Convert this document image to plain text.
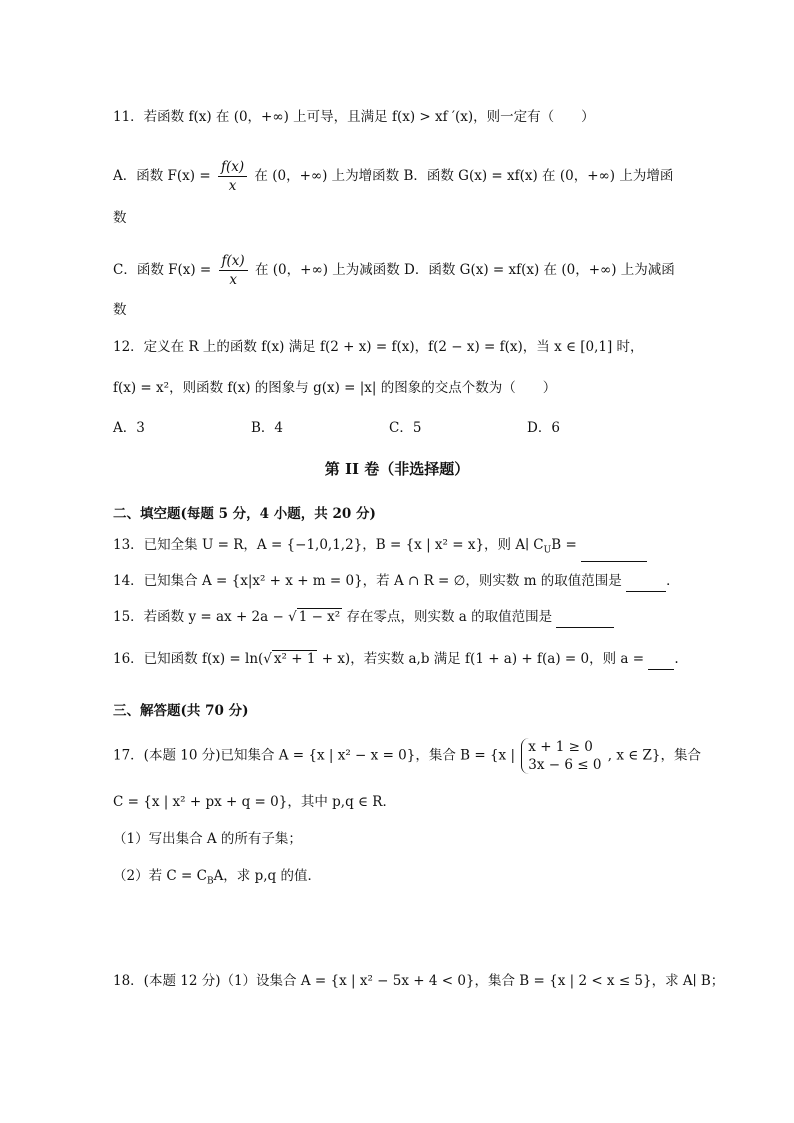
11．若函数 f(x) 在 (0，+∞) 上可导，且满足 f(x) > xf ′(x)，则一定有（　　）
A．函数 $F(x) = \frac{f(x)}{x}$ 在 (0，+∞) 上为增函数 B．函数 G(x) = xf(x) 在 (0，+∞) 上为增函
数
C．函数 $F(x) = \frac{f(x)}{x}$ 在 (0，+∞) 上为减函数 D．函数 G(x) = xf(x) 在 (0，+∞) 上为减函
数
12．定义在 R 上的函数 f(x) 满足 f(2 + x) = f(x)，f(2 − x) = f(x)，当 x ∈ [0,1] 时，
f(x) = x²，则函数 f(x) 的图象与 g(x) = |x| 的图象的交点个数为（　　）
A．3	B．4	C．5	D．6
第 II 卷（非选择题）
二、填空题(每题 5 分，4 小题，共 20 分)
13．已知全集 U = R，A = {−1,0,1,2}，B = {x | x² = x}，则 A∣ $C_UB$ =
14．已知集合 A = {x|x² + x + m = 0}，若 A ∩ R = ∅，则实数 m 的取值范围是	．
15．若函数 y = ax + 2a − √ 1 − x² 存在零点，则实数 a 的取值范围是
16．已知函数 f(x) = ln(√ x² + 1 + x)，若实数 a,b 满足 f(1 + a) + f(a) = 0，则 a = .
三、解答题(共 70 分)
17．(本题 10 分)已知集合 A = {x | x² − x = 0}，集合 B = {x |
x + 1 ≥ 0
3x − 6 ≤ 0
, x ∈ Z}，集合
C = {x | x² + px + q = 0}，其中 p,q ∈ R．
（1）写出集合 A 的所有子集；
（2）若 $C = C_BA$，求 p,q 的值．
18．(本题 12 分)（1）设集合 A = {x | x² − 5x + 4 < 0}，集合 B = {x | 2 < x ≤ 5}，求 A∣ B；
